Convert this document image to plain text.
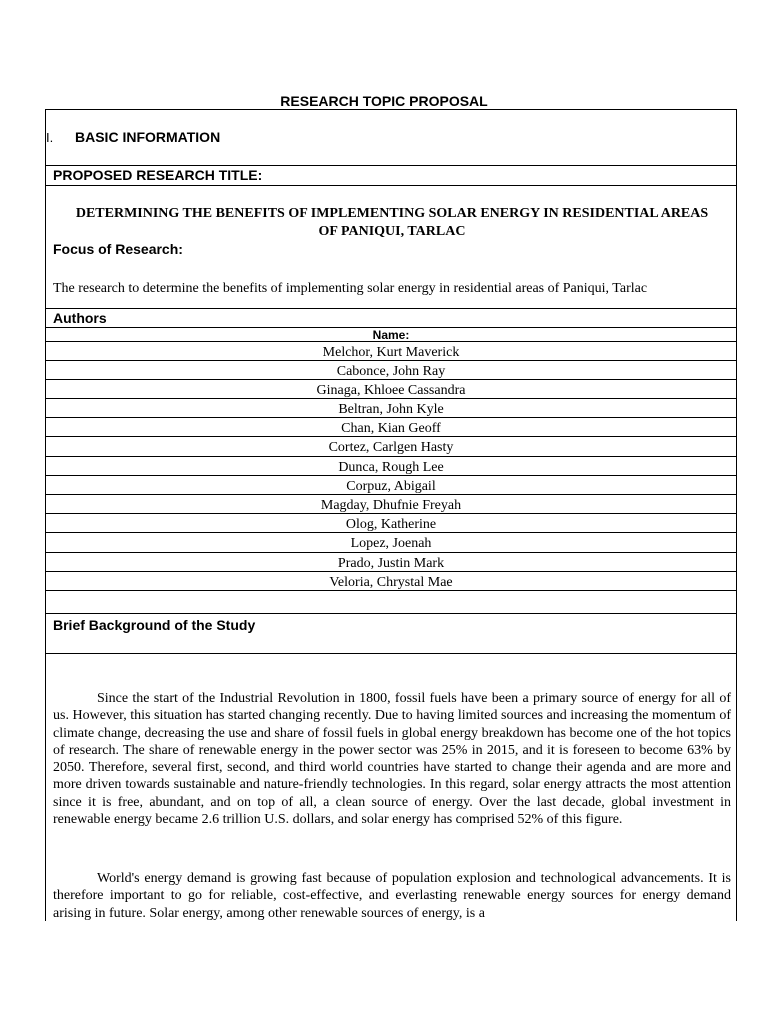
RESEARCH TOPIC PROPOSAL
I. BASIC INFORMATION
PROPOSED RESEARCH TITLE:
DETERMINING THE BENEFITS OF IMPLEMENTING SOLAR ENERGY IN RESIDENTIAL AREAS OF PANIQUI, TARLAC
Focus of Research:
The research to determine the benefits of implementing solar energy in residential areas of Paniqui, Tarlac
Authors
Name:
Melchor, Kurt Maverick
Cabonce, John Ray
Ginaga, Khloee Cassandra
Beltran, John Kyle
Chan, Kian Geoff
Cortez, Carlgen Hasty
Dunca, Rough Lee
Corpuz, Abigail
Magday, Dhufnie Freyah
Olog, Katherine
Lopez, Joenah
Prado, Justin Mark
Veloria, Chrystal Mae
Brief Background of the Study

Since the start of the Industrial Revolution in 1800, fossil fuels have been a primary source of energy for all of us. However, this situation has started changing recently. Due to having limited sources and increasing the momentum of climate change, decreasing the use and share of fossil fuels in global energy breakdown has become one of the hot topics of research. The share of renewable energy in the power sector was 25% in 2015, and it is foreseen to become 63% by 2050. Therefore, several first, second, and third world countries have started to change their agenda and are more and more driven towards sustainable and nature-friendly technologies. In this regard, solar energy attracts the most attention since it is free, abundant, and on top of all, a clean source of energy. Over the last decade, global investment in renewable energy became 2.6 trillion U.S. dollars, and solar energy has comprised 52% of this figure.

World's energy demand is growing fast because of population explosion and technological advancements. It is therefore important to go for reliable, cost-effective, and everlasting renewable energy sources for energy demand arising in future. Solar energy, among other renewable sources of energy, is a
